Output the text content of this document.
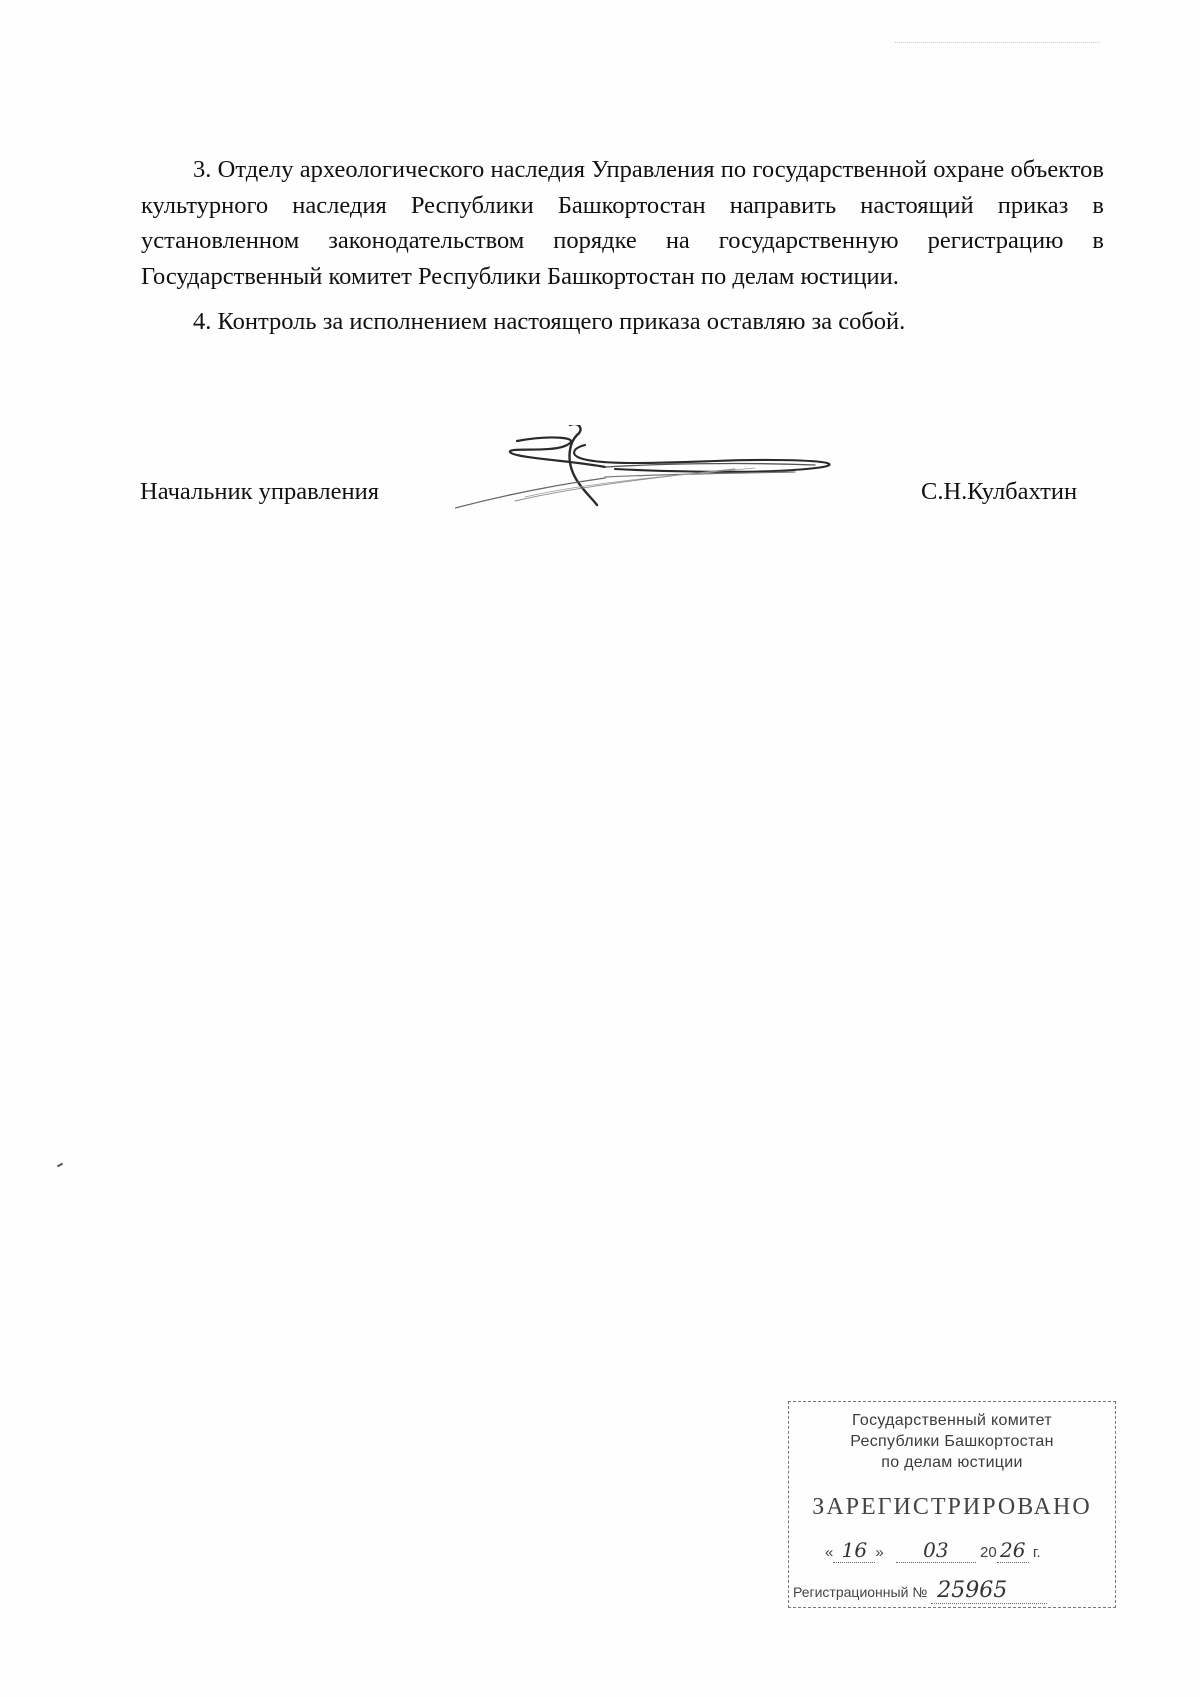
3. Отделу археологического наследия Управления по государственной охране объектов культурного наследия Республики Башкортостан направить настоящий приказ в установленном законодательством порядке на государственную регистрацию в Государственный комитет Республики Башкортостан по делам юстиции.

4. Контроль за исполнением настоящего приказа оставляю за собой.

Начальник управления	С.Н.Кулбахтин
Государственный комитет
Республики Башкортостан
по делам юстиции
ЗАРЕГИСТРИРОВАНО
« 16 » 03 20 26 г.
Регистрационный № 25965
